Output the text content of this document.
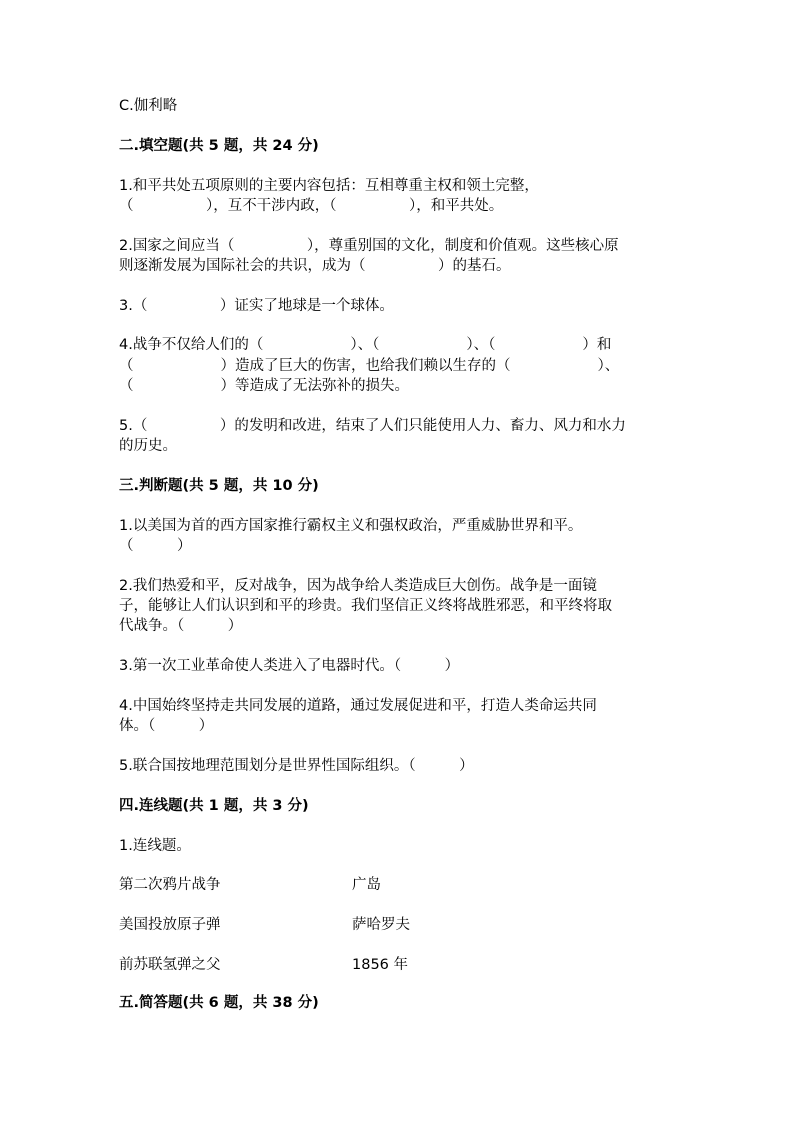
C.伽利略
二.填空题(共 5 题，共 24 分)
1.和平共处五项原则的主要内容包括：互相尊重主权和领土完整，
（　　　　　），互不干涉内政，（　　　　　），和平共处。
2.国家之间应当（　　　　　），尊重别国的文化，制度和价值观。这些核心原
则逐渐发展为国际社会的共识，成为（　　　　　）的基石。
3.（　　　　　）证实了地球是一个球体。
4.战争不仅给人们的（　　　　　　）、（　　　　　　）、（　　　　　　）和
（　　　　　　）造成了巨大的伤害，也给我们赖以生存的（　　　　　　）、
（　　　　　　）等造成了无法弥补的损失。
5.（　　　　　）的发明和改进，结束了人们只能使用人力、畜力、风力和水力
的历史。
三.判断题(共 5 题，共 10 分)
1.以美国为首的西方国家推行霸权主义和强权政治，严重威胁世界和平。
（　　　）
2.我们热爱和平，反对战争，因为战争给人类造成巨大创伤。战争是一面镜
子，能够让人们认识到和平的珍贵。我们坚信正义终将战胜邪恶，和平终将取
代战争。（　　　）
3.第一次工业革命使人类进入了电器时代。（　　　）
4.中国始终坚持走共同发展的道路，通过发展促进和平，打造人类命运共同
体。（　　　）
5.联合国按地理范围划分是世界性国际组织。（　　　）
四.连线题(共 1 题，共 3 分)
1.连线题。
第二次鸦片战争	广岛
美国投放原子弹	萨哈罗夫
前苏联氢弹之父	1856 年
五.简答题(共 6 题，共 38 分)
